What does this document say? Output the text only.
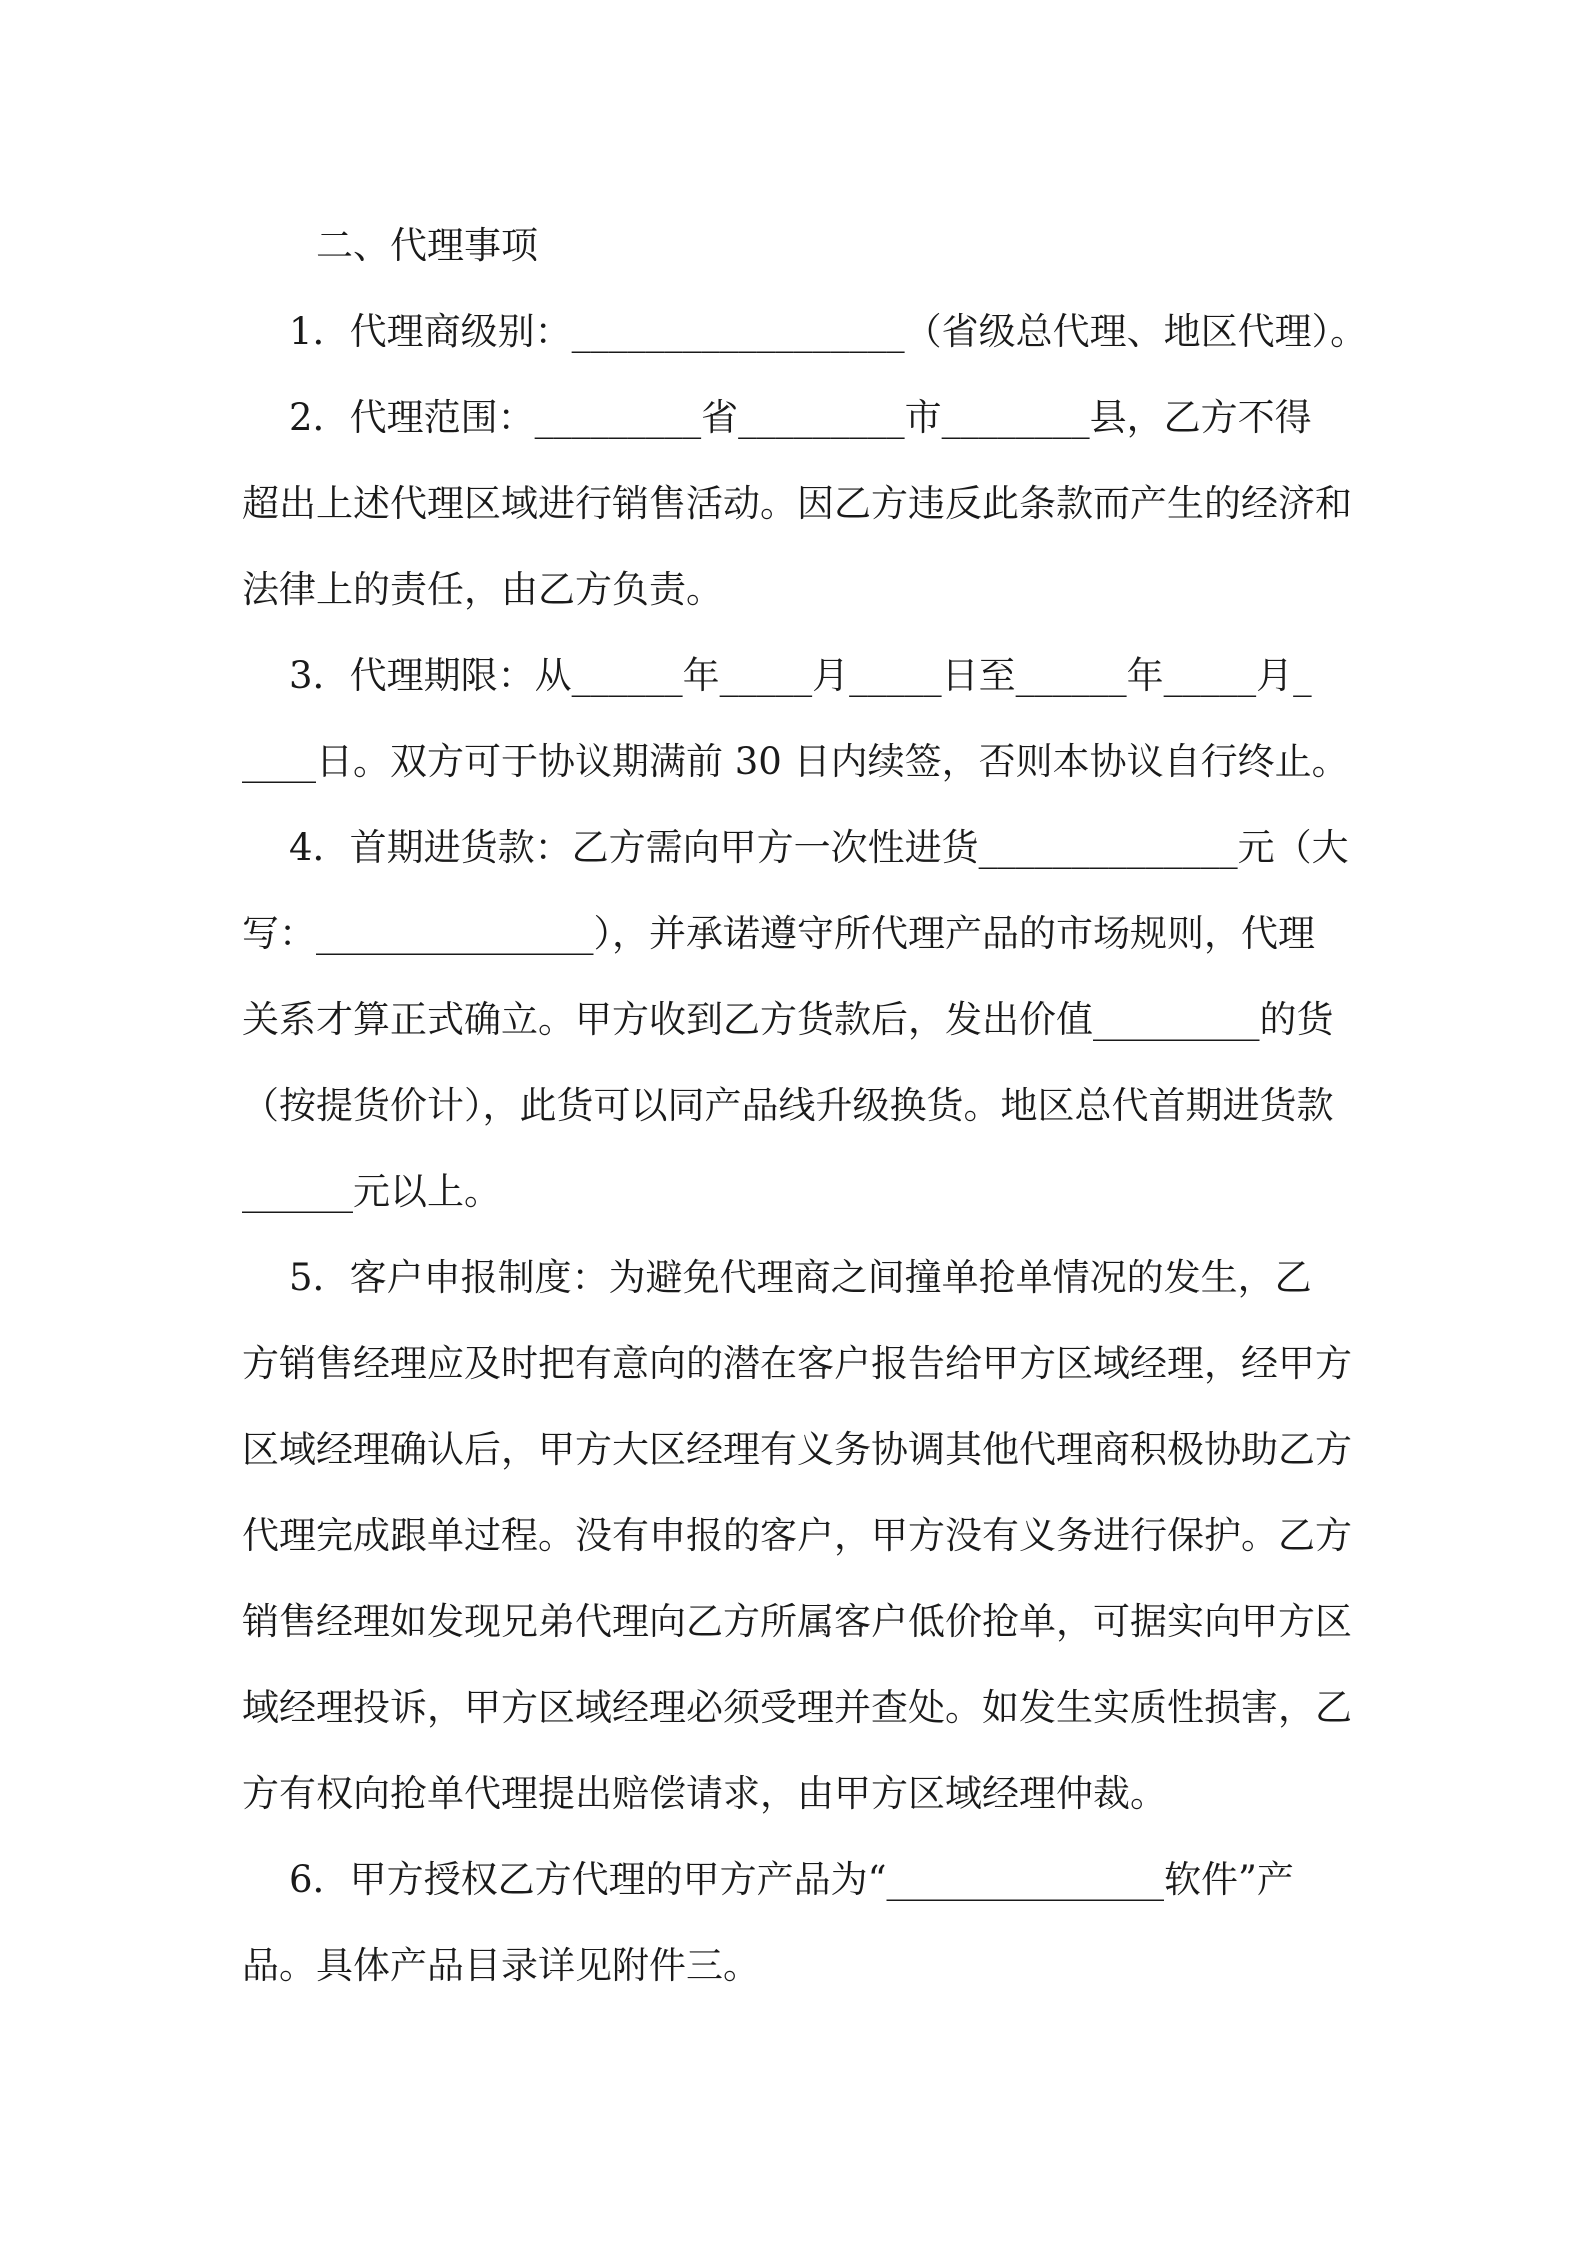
二、代理事项
1．代理商级别：__________________（省级总代理、地区代理）。
2．代理范围：_________省_________市________县，乙方不得
超出上述代理区域进行销售活动。因乙方违反此条款而产生的经济和
法律上的责任，由乙方负责。
3．代理期限：从______年_____月_____日至______年_____月_
____日。双方可于协议期满前 30 日内续签，否则本协议自行终止。
4．首期进货款：乙方需向甲方一次性进货______________元（大
写：_______________），并承诺遵守所代理产品的市场规则，代理
关系才算正式确立。甲方收到乙方货款后，发出价值_________的货
（按提货价计），此货可以同产品线升级换货。地区总代首期进货款
______元以上。
5．客户申报制度：为避免代理商之间撞单抢单情况的发生，乙
方销售经理应及时把有意向的潜在客户报告给甲方区域经理，经甲方
区域经理确认后，甲方大区经理有义务协调其他代理商积极协助乙方
代理完成跟单过程。没有申报的客户，甲方没有义务进行保护。乙方
销售经理如发现兄弟代理向乙方所属客户低价抢单，可据实向甲方区
域经理投诉，甲方区域经理必须受理并查处。如发生实质性损害，乙
方有权向抢单代理提出赔偿请求，由甲方区域经理仲裁。
6．甲方授权乙方代理的甲方产品为“_______________软件”产
品。具体产品目录详见附件三。
